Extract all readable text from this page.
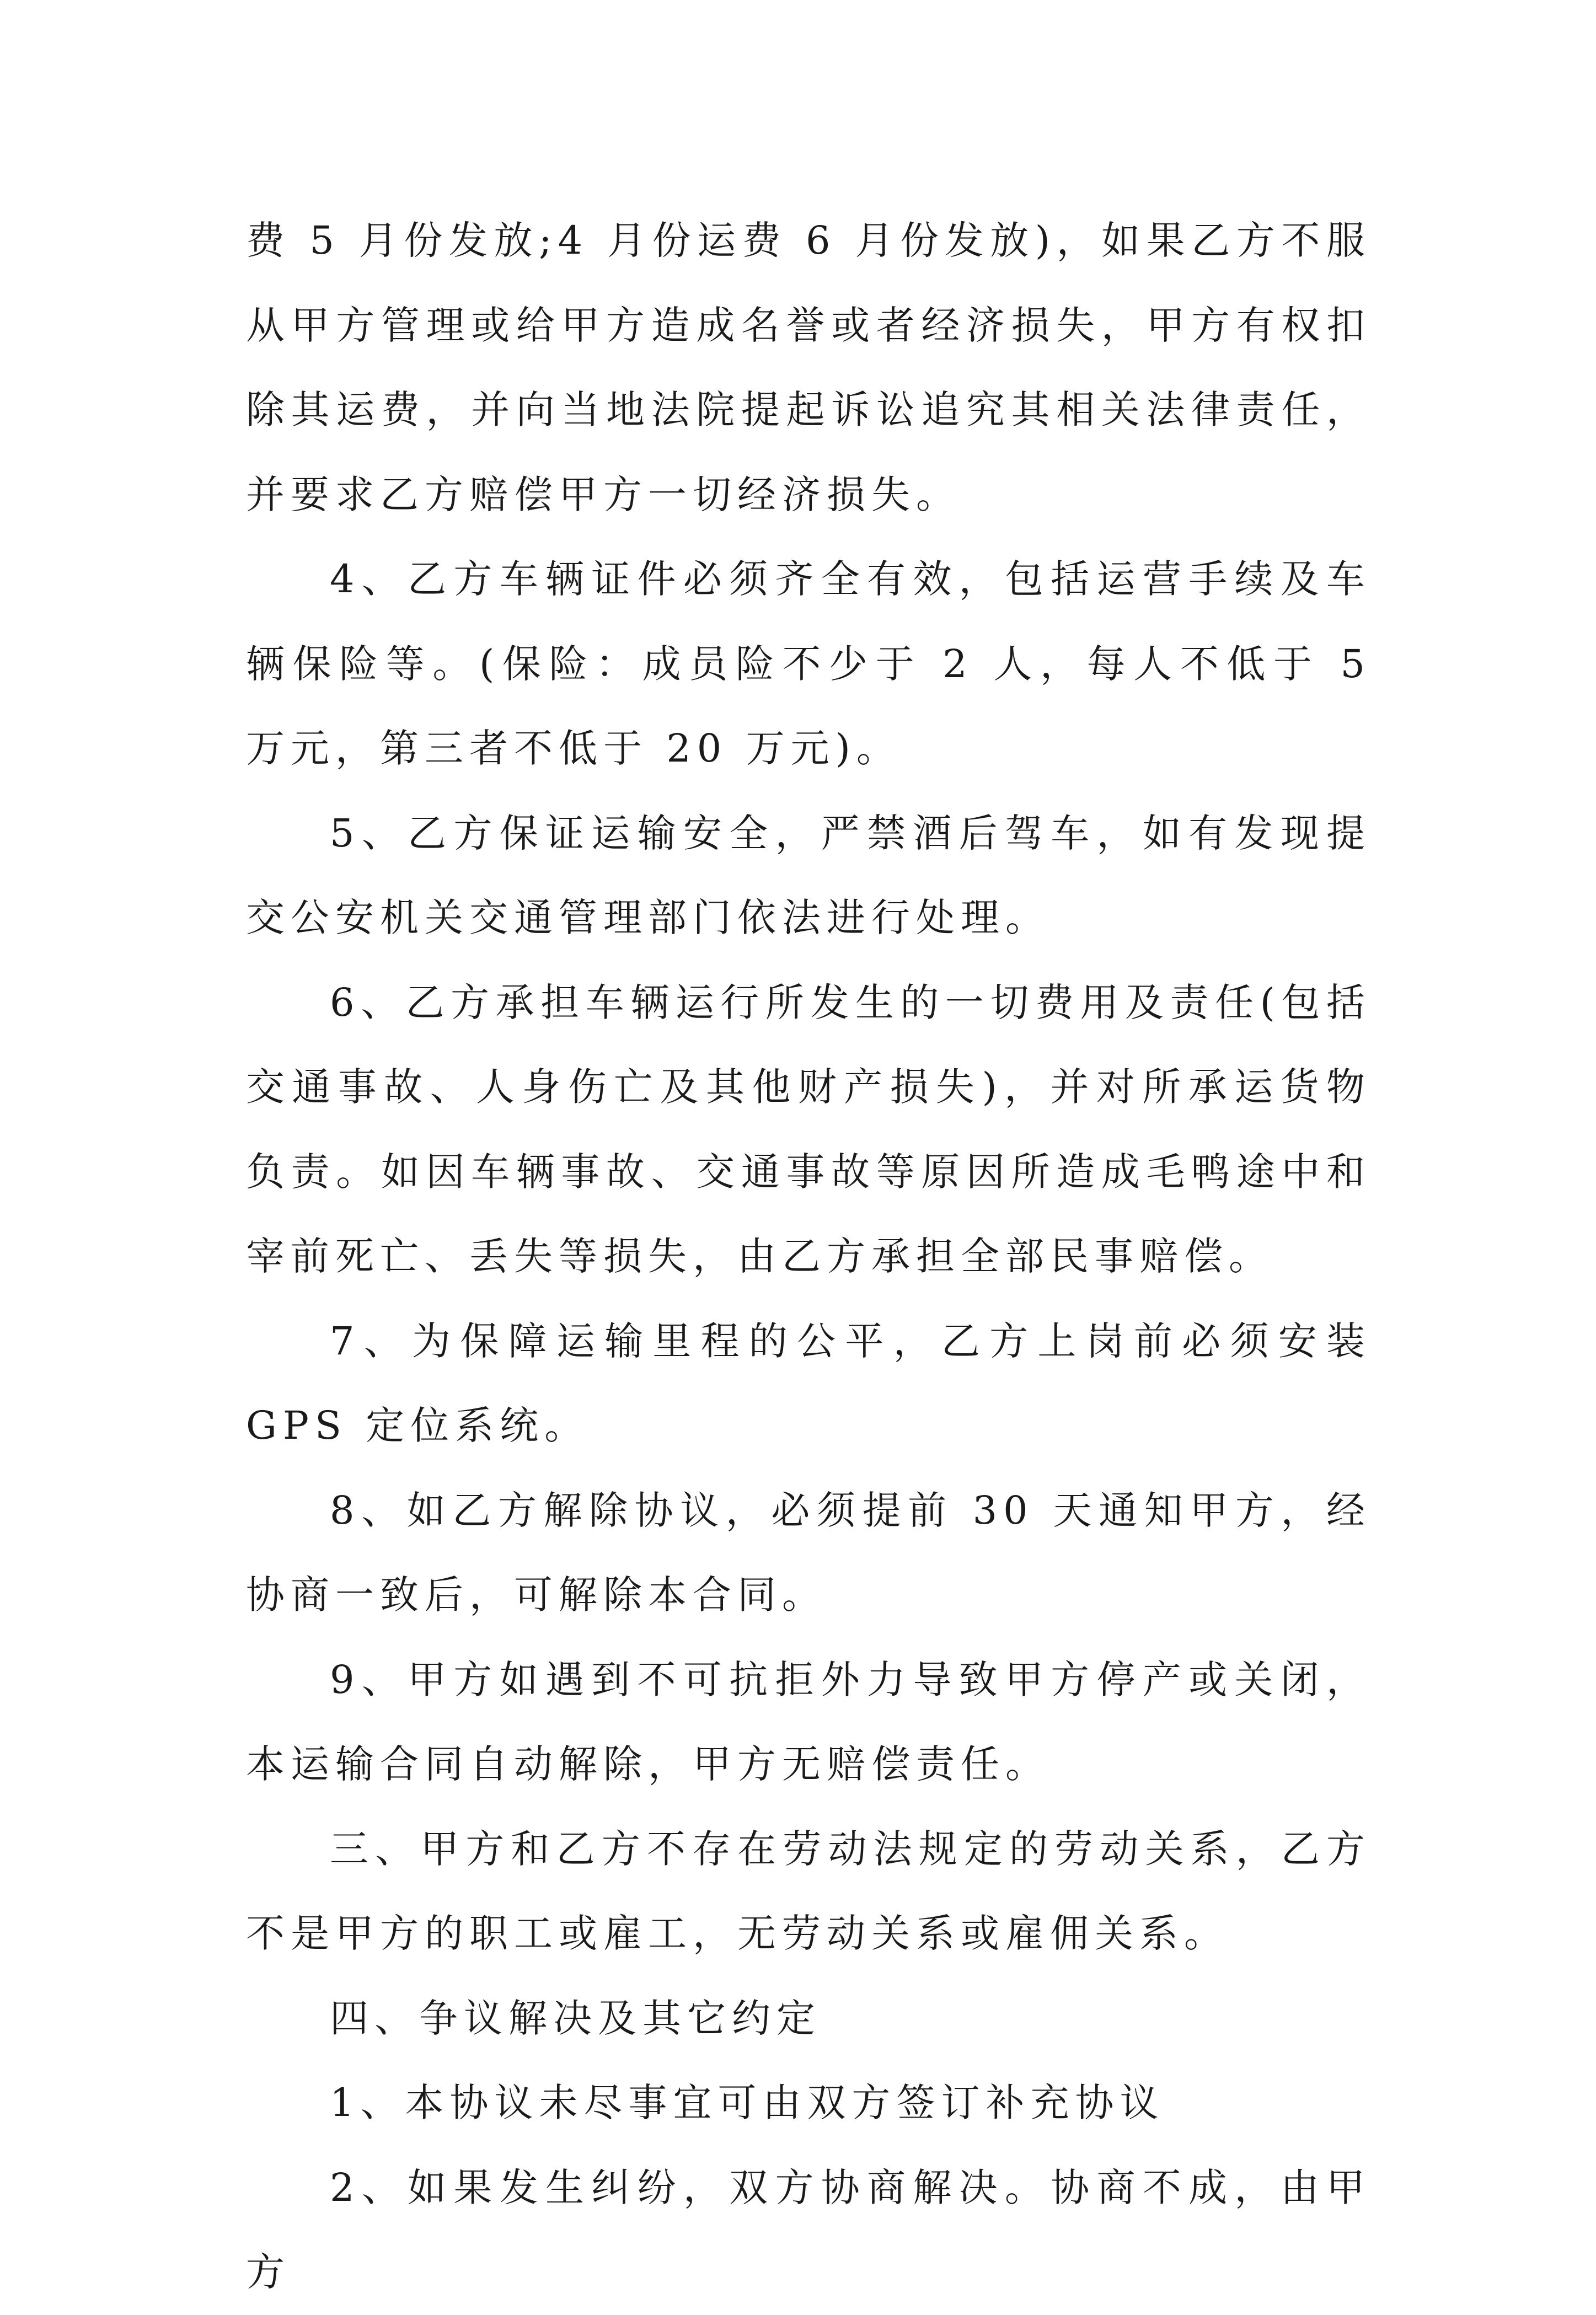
费 5 月份发放;4 月份运费 6 月份发放)，如果乙方不服从甲方管理或给甲方造成名誉或者经济损失，甲方有权扣除其运费，并向当地法院提起诉讼追究其相关法律责任，并要求乙方赔偿甲方一切经济损失。

4、乙方车辆证件必须齐全有效，包括运营手续及车辆保险等。(保险：成员险不少于 2 人，每人不低于 5 万元，第三者不低于 20 万元)。

5、乙方保证运输安全，严禁酒后驾车，如有发现提交公安机关交通管理部门依法进行处理。

6、乙方承担车辆运行所发生的一切费用及责任(包括交通事故、人身伤亡及其他财产损失)，并对所承运货物负责。如因车辆事故、交通事故等原因所造成毛鸭途中和宰前死亡、丢失等损失，由乙方承担全部民事赔偿。

7、为保障运输里程的公平，乙方上岗前必须安装 GPS 定位系统。

8、如乙方解除协议，必须提前 30 天通知甲方，经协商一致后，可解除本合同。

9、甲方如遇到不可抗拒外力导致甲方停产或关闭，本运输合同自动解除，甲方无赔偿责任。

三、甲方和乙方不存在劳动法规定的劳动关系，乙方不是甲方的职工或雇工，无劳动关系或雇佣关系。

四、争议解决及其它约定

1、本协议未尽事宜可由双方签订补充协议

2、如果发生纠纷，双方协商解决。协商不成，由甲方
